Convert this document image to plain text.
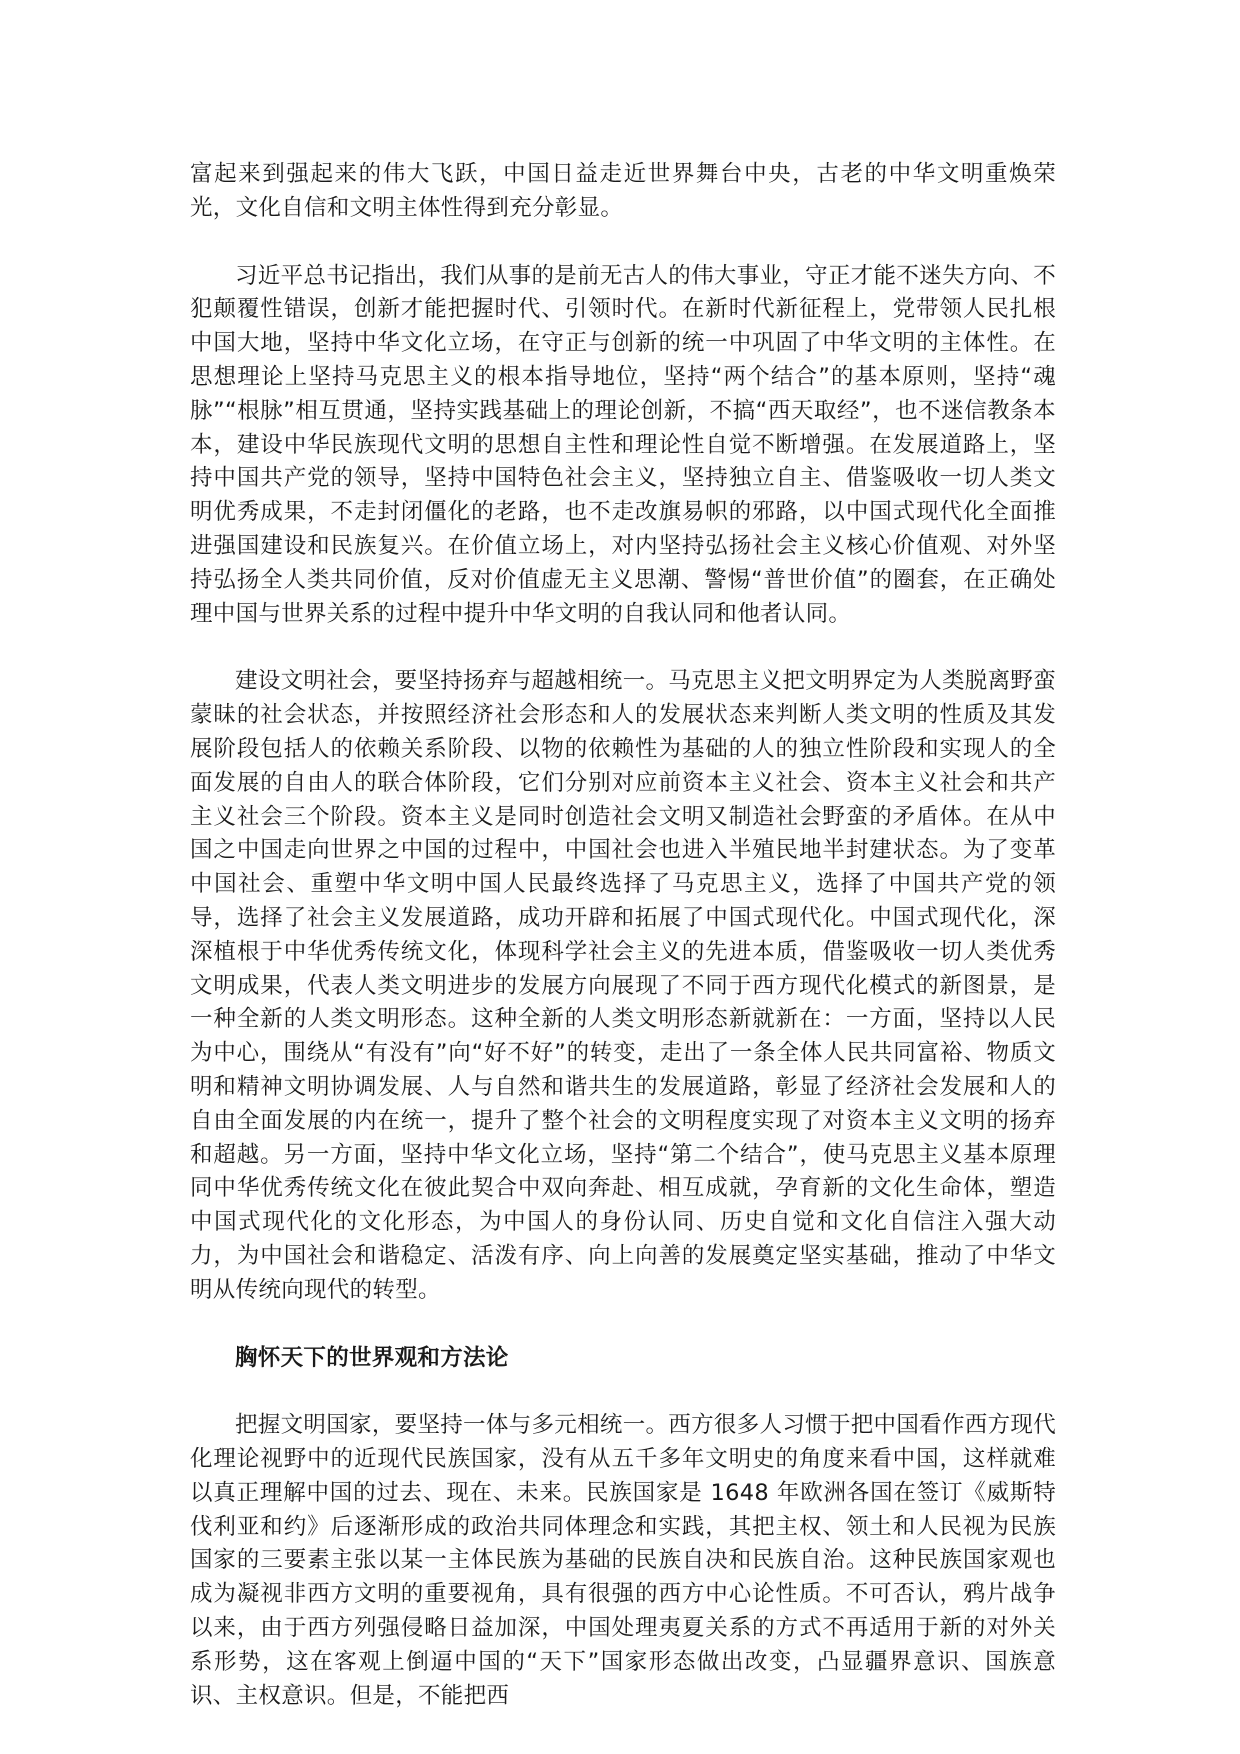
富起来到强起来的伟大飞跃，中国日益走近世界舞台中央，古老的中华文明重焕荣光，文化自信和文明主体性得到充分彰显。

习近平总书记指出，我们从事的是前无古人的伟大事业，守正才能不迷失方向、不犯颠覆性错误，创新才能把握时代、引领时代。在新时代新征程上，党带领人民扎根中国大地，坚持中华文化立场，在守正与创新的统一中巩固了中华文明的主体性。在思想理论上坚持马克思主义的根本指导地位，坚持“两个结合”的基本原则，坚持“魂脉”“根脉”相互贯通，坚持实践基础上的理论创新，不搞“西天取经”，也不迷信教条本本，建设中华民族现代文明的思想自主性和理论性自觉不断增强。在发展道路上，坚持中国共产党的领导，坚持中国特色社会主义，坚持独立自主、借鉴吸收一切人类文明优秀成果，不走封闭僵化的老路，也不走改旗易帜的邪路，以中国式现代化全面推进强国建设和民族复兴。在价值立场上，对内坚持弘扬社会主义核心价值观、对外坚持弘扬全人类共同价值，反对价值虚无主义思潮、警惕“普世价值”的圈套，在正确处理中国与世界关系的过程中提升中华文明的自我认同和他者认同。

建设文明社会，要坚持扬弃与超越相统一。马克思主义把文明界定为人类脱离野蛮蒙昧的社会状态，并按照经济社会形态和人的发展状态来判断人类文明的性质及其发展阶段包括人的依赖关系阶段、以物的依赖性为基础的人的独立性阶段和实现人的全面发展的自由人的联合体阶段，它们分别对应前资本主义社会、资本主义社会和共产主义社会三个阶段。资本主义是同时创造社会文明又制造社会野蛮的矛盾体。在从中国之中国走向世界之中国的过程中，中国社会也进入半殖民地半封建状态。为了变革中国社会、重塑中华文明中国人民最终选择了马克思主义，选择了中国共产党的领导，选择了社会主义发展道路，成功开辟和拓展了中国式现代化。中国式现代化，深深植根于中华优秀传统文化，体现科学社会主义的先进本质，借鉴吸收一切人类优秀文明成果，代表人类文明进步的发展方向展现了不同于西方现代化模式的新图景，是一种全新的人类文明形态。这种全新的人类文明形态新就新在：一方面，坚持以人民为中心，围绕从“有没有”向“好不好”的转变，走出了一条全体人民共同富裕、物质文明和精神文明协调发展、人与自然和谐共生的发展道路，彰显了经济社会发展和人的自由全面发展的内在统一，提升了整个社会的文明程度实现了对资本主义文明的扬弃和超越。另一方面，坚持中华文化立场，坚持“第二个结合”，使马克思主义基本原理同中华优秀传统文化在彼此契合中双向奔赴、相互成就，孕育新的文化生命体，塑造中国式现代化的文化形态，为中国人的身份认同、历史自觉和文化自信注入强大动力，为中国社会和谐稳定、活泼有序、向上向善的发展奠定坚实基础，推动了中华文明从传统向现代的转型。

胸怀天下的世界观和方法论

把握文明国家，要坚持一体与多元相统一。西方很多人习惯于把中国看作西方现代化理论视野中的近现代民族国家，没有从五千多年文明史的角度来看中国，这样就难以真正理解中国的过去、现在、未来。民族国家是 1648 年欧洲各国在签订《威斯特伐利亚和约》后逐渐形成的政治共同体理念和实践，其把主权、领土和人民视为民族国家的三要素主张以某一主体民族为基础的民族自决和民族自治。这种民族国家观也成为凝视非西方文明的重要视角，具有很强的西方中心论性质。不可否认，鸦片战争以来，由于西方列强侵略日益加深，中国处理夷夏关系的方式不再适用于新的对外关系形势，这在客观上倒逼中国的“天下”国家形态做出改变，凸显疆界意识、国族意识、主权意识。但是，不能把西
